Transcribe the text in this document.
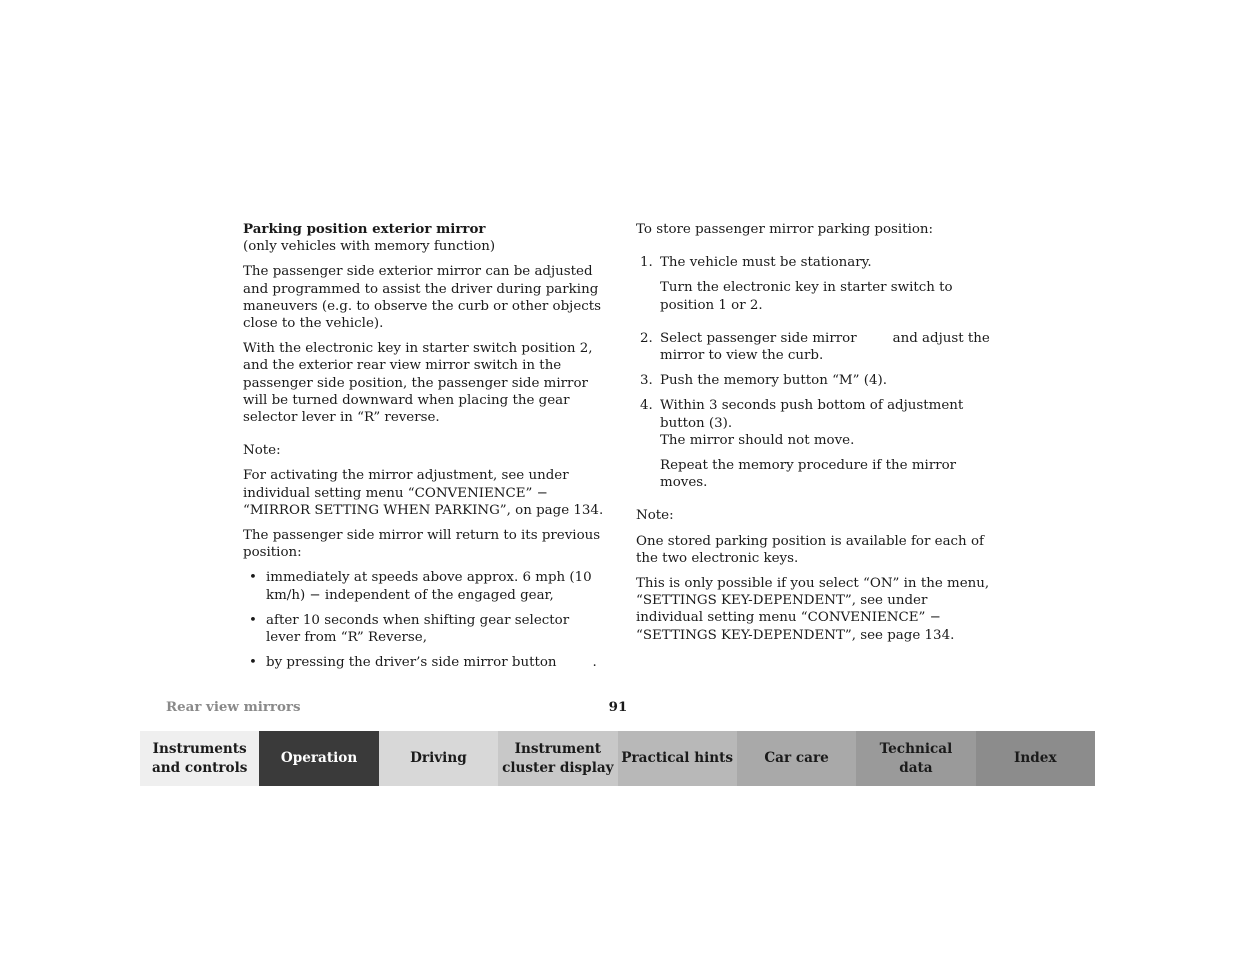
Parking position exterior mirror

(only vehicles with memory function)

The passenger side exterior mirror can be adjusted and programmed to assist the driver during parking maneuvers (e.g. to observe the curb or other objects close to the vehicle).

With the electronic key in starter switch position 2, and the exterior rear view mirror switch in the passenger side position, the passenger side mirror will be turned downward when placing the gear selector lever in “R” reverse.

Note:

For activating the mirror adjustment, see under individual setting menu “CONVENIENCE” − “MIRROR SETTING WHEN PARKING”, on page 134.

The passenger side mirror will return to its previous position:

• immediately at speeds above approx. 6 mph (10 km/h) − independent of the engaged gear,
• after 10 seconds when shifting gear selector lever from “R” Reverse,
• by pressing the driver’s side mirror button	.

To store passenger mirror parking position:

1. The vehicle must be stationary.

Turn the electronic key in starter switch to position 1 or 2.

2. Select passenger side mirror	and adjust the mirror to view the curb.
3. Push the memory button “M” (4).
4. Within 3 seconds push bottom of adjustment button (3).

The mirror should not move.

Repeat the memory procedure if the mirror moves.

Note:

One stored parking position is available for each of the two electronic keys.

This is only possible if you select “ON” in the menu, “SETTINGS KEY-DEPENDENT”, see under individual setting menu “CONVENIENCE” − “SETTINGS KEY-DEPENDENT”, see page 134.

Rear view mirrors	91
Instruments
and controls
Operation	Driving
Instrument
cluster display
Practical hints	Car care
Technical
data
Index
